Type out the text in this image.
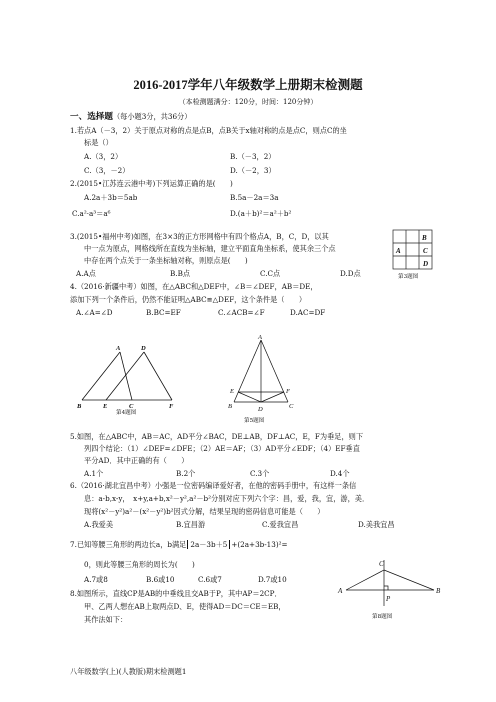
2016-2017学年八年级数学上册期末检测题
（本检测题满分：120分，时间：120分钟）
一、选择题（每小题3分，共36分）
1.若点A（－3，2）关于原点对称的点是点B，点B关于x轴对称的点是点C，则点C的坐
标是（）
A.（3，2）	B.（－3，2）
C.（3，－2）	D.（－2，3）
2.(2015•江苏连云港中考)下列运算正确的是(　　)
A.2a＋3b＝5ab	B.5a－2a＝3a
C.a²·a³＝a⁶	D.(a＋b)²＝a²＋b²
3.(2015•福州中考)如图，在3×3的正方形网格中有四个格点A，B，C，D，以其
中一点为原点，网格线所在直线为坐标轴，建立平面直角坐标系，使其余三个点
中存在两个点关于一条坐标轴对称，则原点是(　　)
A.A点	B.B点	C.C点	D.D点
B
A	C
D
第3题图
4.（2016·新疆中考）如图，在△ABC和△DEF中，∠B＝∠DEF，AB＝DE，
添加下列一个条件后，仍然不能证明△ABC≌△DEF，这个条件是（　　）
A.∠A=∠D	B.BC=EF	C.∠ACB=∠F	D.AC=DF
A	D
B	E	C	F
第4题图
A
E	F
B	D	C
第5题图
5.如图，在△ABC中，AB＝AC，AD平分∠BAC，DE⊥AB，DF⊥AC，E，F为垂足，则下
列四个结论：（1）∠DEF=∠DFE；（2）AE＝AF；（3）AD平分∠EDF；（4）EF垂直
平分AD．其中正确的有（　　）
A.1个	B.2个	C.3个	D.4个
6.（2016·湖北宜昌中考）小强是一位密码编译爱好者，在他的密码手册中，有这样一条信
息：a-b,x-y，　x+y,a+b,x²－y²,a²－b²分别对应下列六个字：昌，爱，我，宜，游，美．
现将(x²－y²)a²－(x²－y²)b²因式分解，结果呈现的密码信息可能是（　　）
A.我爱美	B.宜昌游	C.爱我宜昌	D.美我宜昌
7.已知等腰三角形的两边长a，b满足 2a－3b＋5 +(2a+3b-13)²=
0，则此等腰三角形的周长为(　　)
A.7或8	B.6或10	C.6或7	D.7或10
8.如图所示，直线CP是AB的中垂线且交AB于P，其中AP＝2CP．
甲、乙两人想在AB上取两点D、E，使得AD＝DC＝CE＝EB，
其作法如下：
C
A
P
B
第8题图
八年级数学(上)(人教版)期末检测题1
